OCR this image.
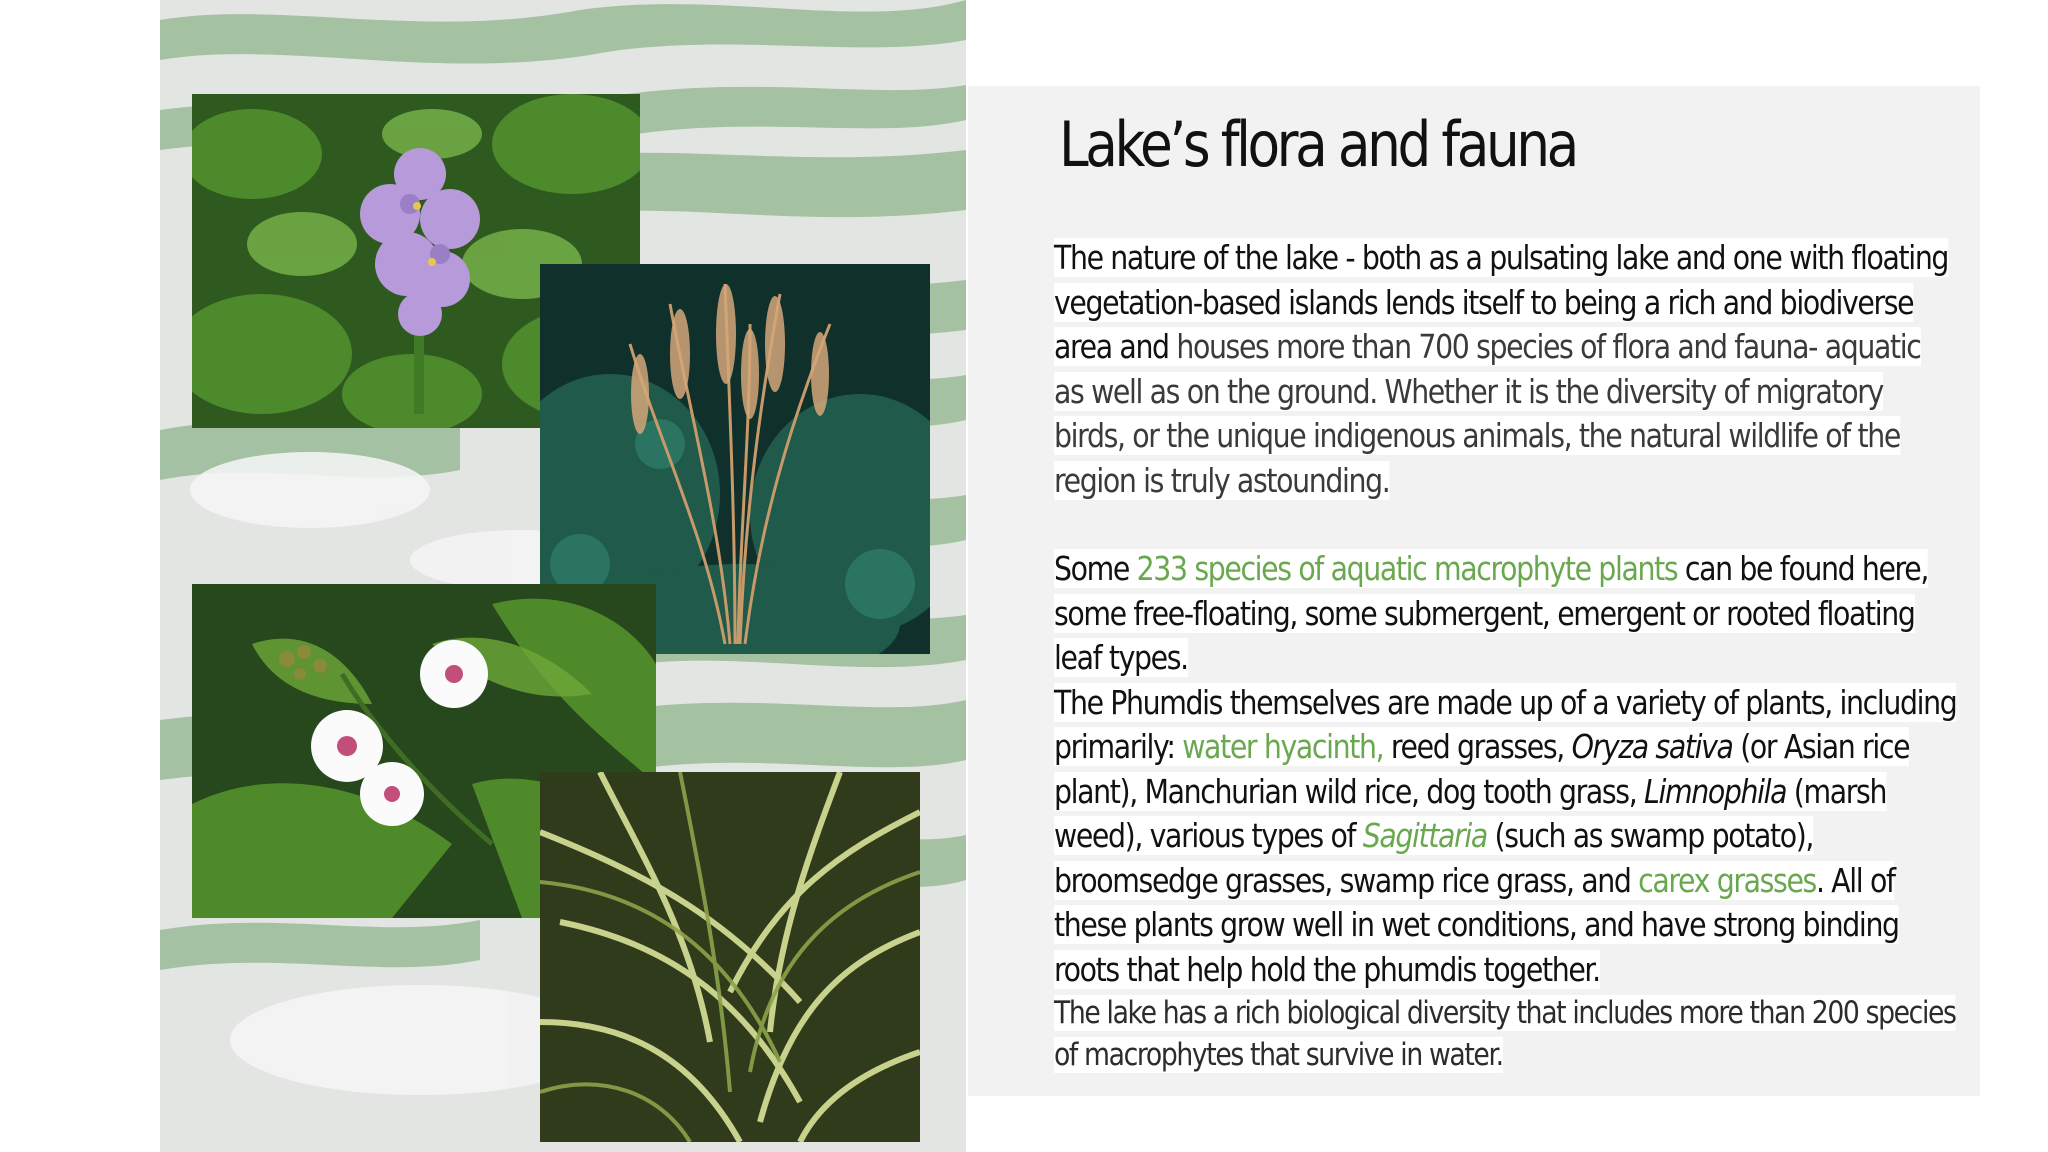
Lake’s flora and fauna

The nature of the lake - both as a pulsating lake and one with floating vegetation-based islands lends itself to being a rich and biodiverse area and houses more than 700 species of flora and fauna- aquatic as well as on the ground. Whether it is the diversity of migratory birds, or the unique indigenous animals, the natural wildlife of the region is truly astounding.

Some 233 species of aquatic macrophyte plants can be found here, some free-floating, some submergent, emergent or rooted floating leaf types.

The Phumdis themselves are made up of a variety of plants, including primarily: water hyacinth, reed grasses, Oryza sativa (or Asian rice plant), Manchurian wild rice, dog tooth grass, Limnophila (marsh weed), various types of Sagittaria (such as swamp potato), broomsedge grasses, swamp rice grass, and carex grasses. All of these plants grow well in wet conditions, and have strong binding roots that help hold the phumdis together.

The lake has a rich biological diversity that includes more than 200 species of macrophytes that survive in water.
